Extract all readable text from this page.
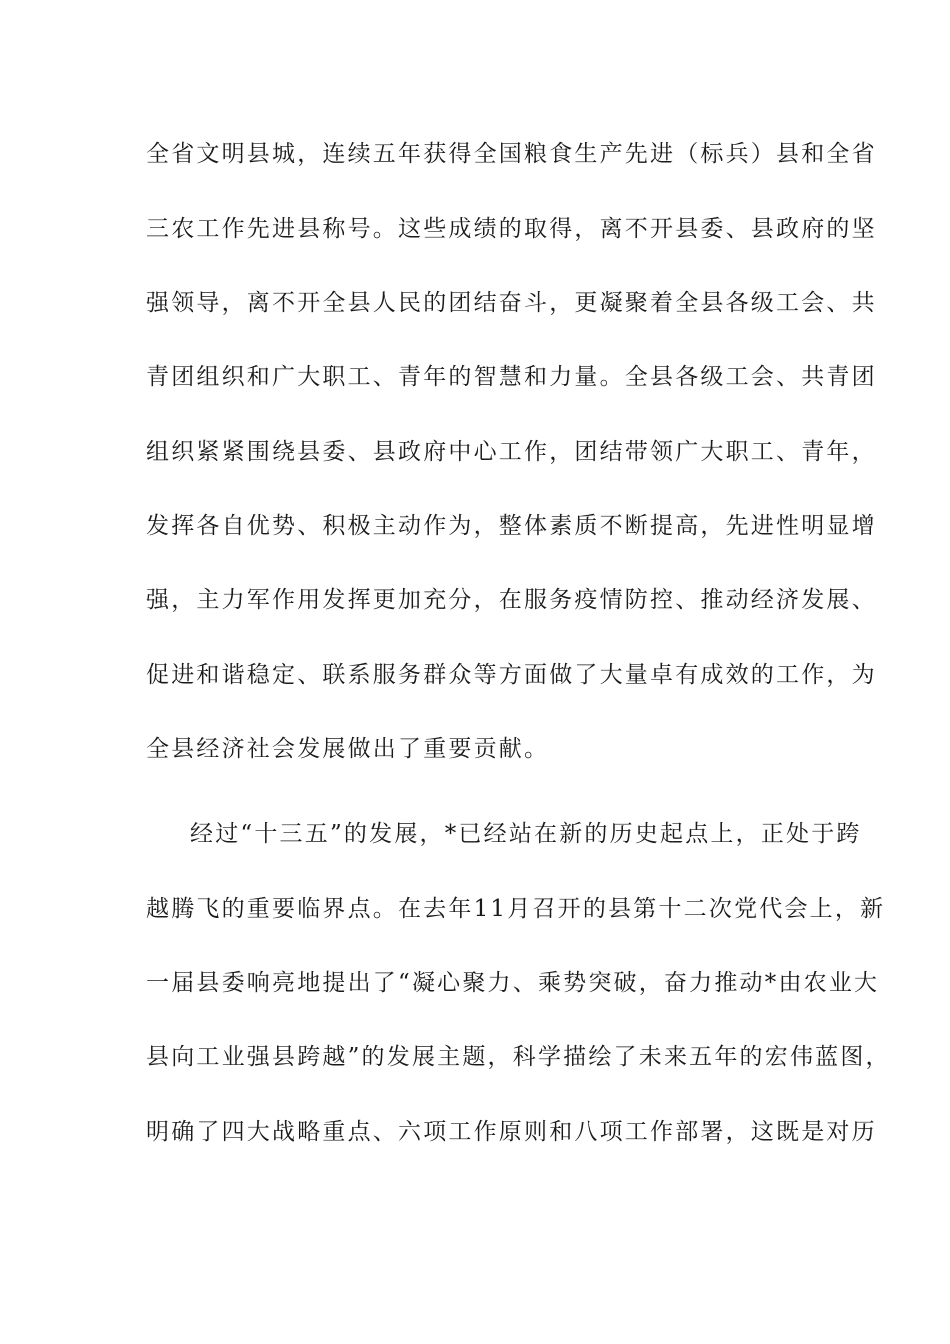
全省文明县城，连续五年获得全国粮食生产先进（标兵）县和全省
三农工作先进县称号。这些成绩的取得，离不开县委、县政府的坚
强领导，离不开全县人民的团结奋斗，更凝聚着全县各级工会、共
青团组织和广大职工、青年的智慧和力量。全县各级工会、共青团
组织紧紧围绕县委、县政府中心工作，团结带领广大职工、青年，
发挥各自优势、积极主动作为，整体素质不断提高，先进性明显增
强，主力军作用发挥更加充分，在服务疫情防控、推动经济发展、
促进和谐稳定、联系服务群众等方面做了大量卓有成效的工作，为
全县经济社会发展做出了重要贡献。
经过“十三五”的发展，*已经站在新的历史起点上，正处于跨
越腾飞的重要临界点。在去年11月召开的县第十二次党代会上，新
一届县委响亮地提出了“凝心聚力、乘势突破，奋力推动*由农业大
县向工业强县跨越”的发展主题，科学描绘了未来五年的宏伟蓝图，
明确了四大战略重点、六项工作原则和八项工作部署，这既是对历
